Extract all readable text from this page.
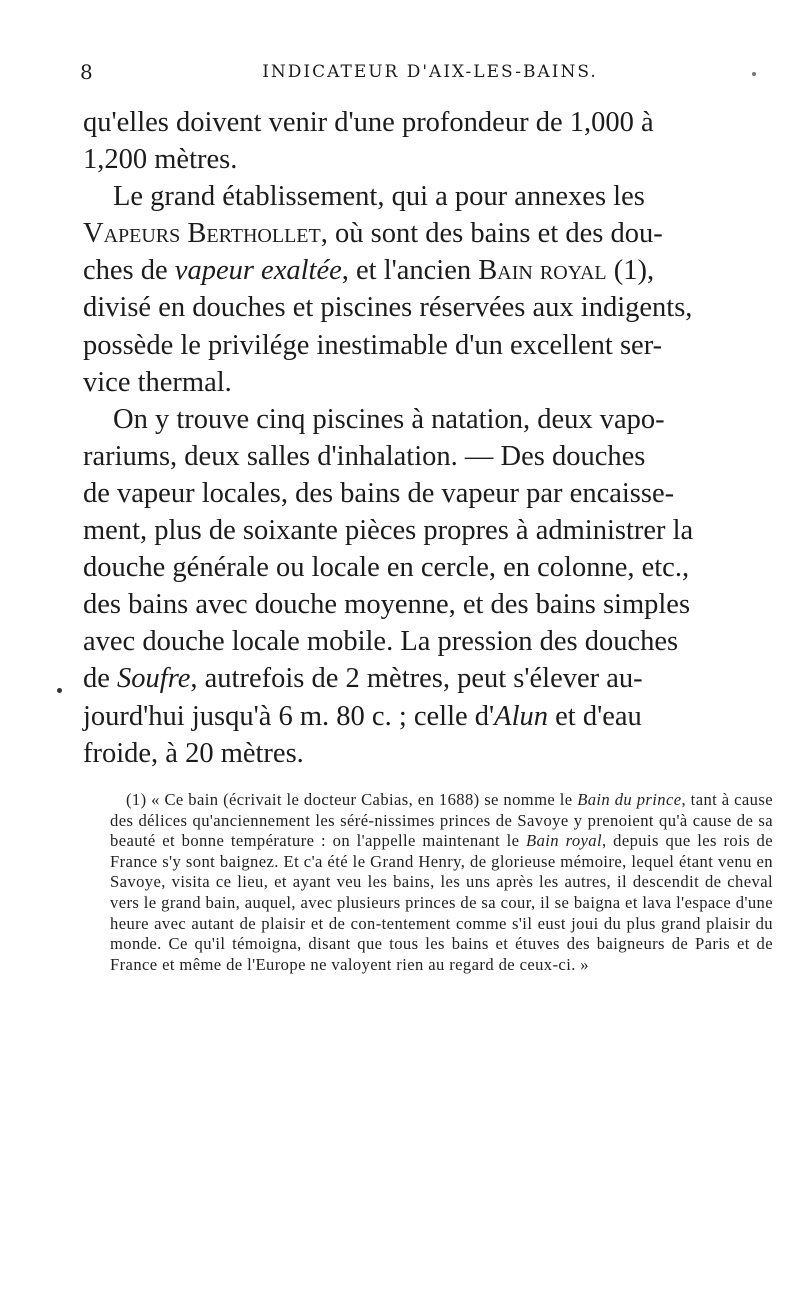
8	INDICATEUR D'AIX-LES-BAINS.

qu'elles doivent venir d'une profondeur de 1,000 à
1,200 mètres.

Le grand établissement, qui a pour annexes les
Vapeurs Berthollet, où sont des bains et des dou-
ches de vapeur exaltée, et l'ancien Bain royal (1),
divisé en douches et piscines réservées aux indigents,
possède le privilége inestimable d'un excellent ser-
vice thermal.

On y trouve cinq piscines à natation, deux vapo-
rariums, deux salles d'inhalation. — Des douches
de vapeur locales, des bains de vapeur par encaisse-
ment, plus de soixante pièces propres à administrer la
douche générale ou locale en cercle, en colonne, etc.,
des bains avec douche moyenne, et des bains simples
avec douche locale mobile. La pression des douches
de Soufre, autrefois de 2 mètres, peut s'élever au-
jourd'hui jusqu'à 6 m. 80 c. ; celle d'Alun et d'eau
froide, à 20 mètres.

(1) « Ce bain (écrivait le docteur Cabias, en 1688) se nomme le Bain du prince, tant à cause des délices qu'anciennement les séré-nissimes princes de Savoye y prenoient qu'à cause de sa beauté et bonne température : on l'appelle maintenant le Bain royal, depuis que les rois de France s'y sont baignez. Et c'a été le Grand Henry, de glorieuse mémoire, lequel étant venu en Savoye, visita ce lieu, et ayant veu les bains, les uns après les autres, il descendit de cheval vers le grand bain, auquel, avec plusieurs princes de sa cour, il se baigna et lava l'espace d'une heure avec autant de plaisir et de con-tentement comme s'il eust joui du plus grand plaisir du monde. Ce qu'il témoigna, disant que tous les bains et étuves des baigneurs de Paris et de France et même de l'Europe ne valoyent rien au regard de ceux-ci. »
